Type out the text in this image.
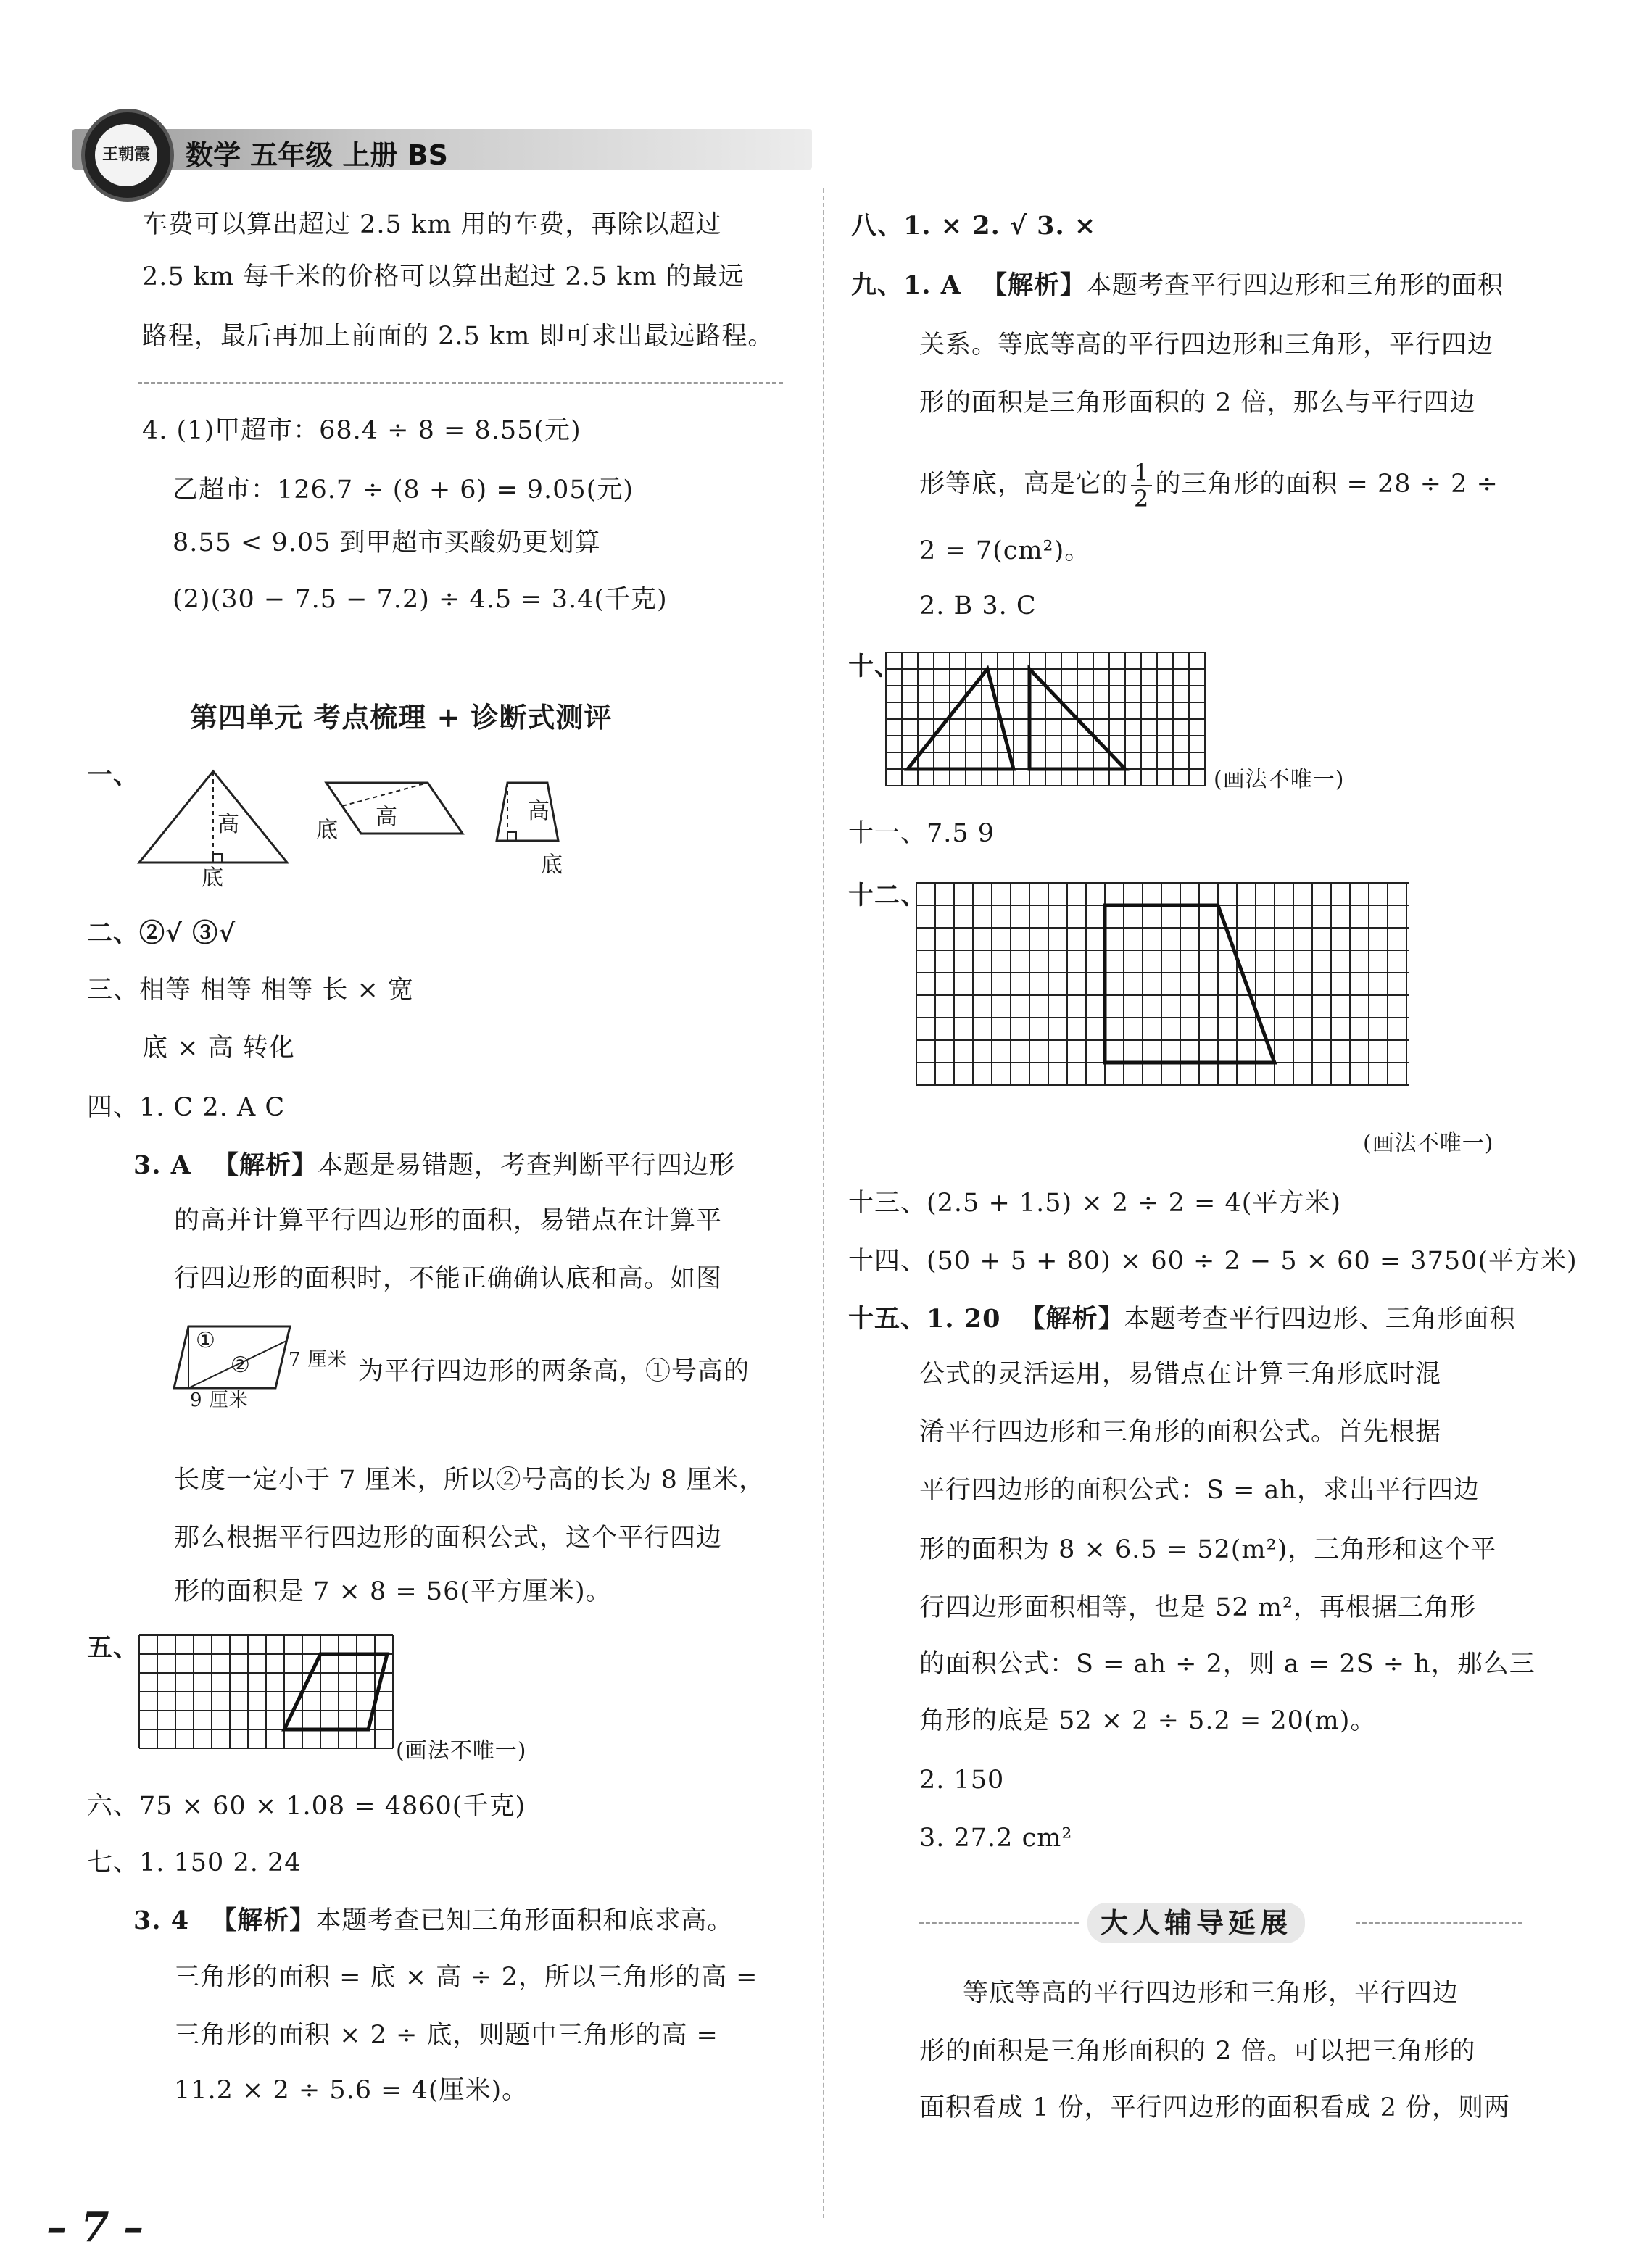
王朝霞	数学 五年级 上册 BS
车费可以算出超过 2.5 km 用的车费，再除以超过
2.5 km 每千米的价格可以算出超过 2.5 km 的最远
路程，最后再加上前面的 2.5 km 即可求出最远路程。
4. (1)甲超市：68.4 ÷ 8 = 8.55(元)
乙超市：126.7 ÷ (8 + 6) = 9.05(元)
8.55 < 9.05 到甲超市买酸奶更划算
(2)(30 − 7.5 − 7.2) ÷ 4.5 = 3.4(千克)
第四单元 考点梳理 + 诊断式测评
一、
高
底
底
高	高
底
二、②√ ③√
三、相等 相等 相等 长 × 宽
底 × 高 转化
四、1. C 2. A C
3. A 【解析】本题是易错题，考查判断平行四边形
的高并计算平行四边形的面积，易错点在计算平
行四边形的面积时，不能正确确认底和高。如图
①
② 7 厘米
9 厘米
为平行四边形的两条高，①号高的
长度一定小于 7 厘米，所以②号高的长为 8 厘米，
那么根据平行四边形的面积公式，这个平行四边
形的面积是 7 × 8 = 56(平方厘米)。
五、
(画法不唯一)
六、75 × 60 × 1.08 = 4860(千克)
七、1. 150 2. 24
3. 4 【解析】本题考查已知三角形面积和底求高。
三角形的面积 = 底 × 高 ÷ 2，所以三角形的高 =
三角形的面积 × 2 ÷ 底，则题中三角形的高 =
11.2 × 2 ÷ 5.6 = 4(厘米)。
– 7 –
八、1. × 2. √ 3. ×
九、1. A 【解析】本题考查平行四边形和三角形的面积
关系。等底等高的平行四边形和三角形，平行四边
形的面积是三角形面积的 2 倍，那么与平行四边
形等底，高是它的 $\frac{1}{2}$ 的三角形的面积 = 28 ÷ 2 ÷
2 = 7(cm²)。
2. B 3. C
十、
(画法不唯一)
十一、7.5 9
十二、
(画法不唯一)
十三、(2.5 + 1.5) × 2 ÷ 2 = 4(平方米)
十四、(50 + 5 + 80) × 60 ÷ 2 − 5 × 60 = 3750(平方米)
十五、1. 20 【解析】本题考查平行四边形、三角形面积
公式的灵活运用，易错点在计算三角形底时混
淆平行四边形和三角形的面积公式。首先根据
平行四边形的面积公式：S = ah，求出平行四边
形的面积为 8 × 6.5 = 52(m²)，三角形和这个平
行四边形面积相等，也是 52 m²，再根据三角形
的面积公式：S = ah ÷ 2，则 a = 2S ÷ h，那么三
角形的底是 52 × 2 ÷ 5.2 = 20(m)。
2. 150
3. 27.2 cm²
大人辅导延展
等底等高的平行四边形和三角形，平行四边
形的面积是三角形面积的 2 倍。可以把三角形的
面积看成 1 份，平行四边形的面积看成 2 份，则两
